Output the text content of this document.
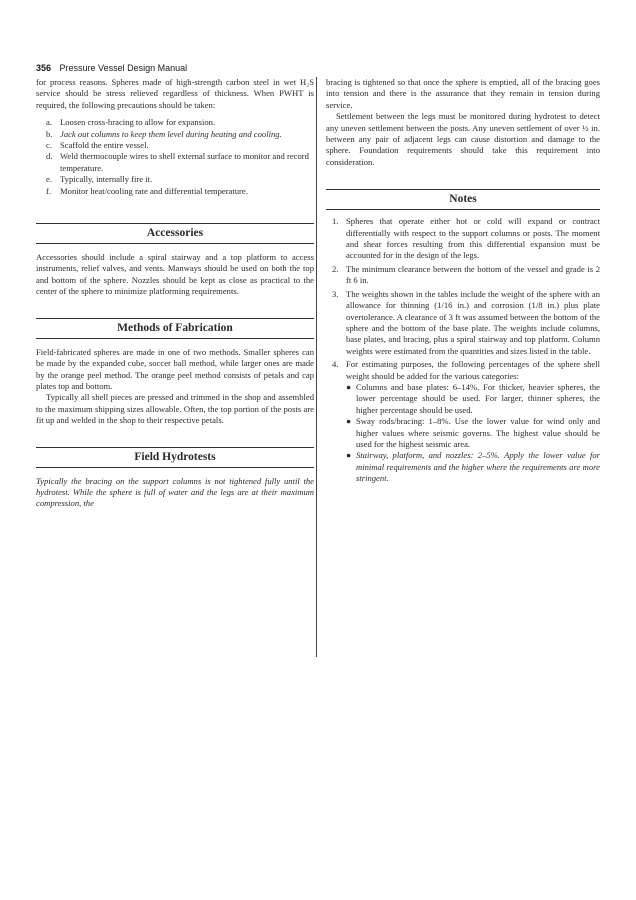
356 Pressure Vessel Design Manual

for process reasons. Spheres made of high-strength carbon steel in wet H₂S service should be stress relieved regardless of thickness. When PWHT is required, the following precautions should be taken:

a. Loosen cross-bracing to allow for expansion.
b. Jack out columns to keep them level during heating and cooling.
c. Scaffold the entire vessel.
d. Weld thermocouple wires to shell external surface to monitor and record temperature.
e. Typically, internally fire it.
f. Monitor heat/cooling rate and differential temperature.
Accessories

Accessories should include a spiral stairway and a top platform to access instruments, relief valves, and vents. Manways should be used on both the top and bottom of the sphere. Nozzles should be kept as close as practical to the center of the sphere to minimize platforming requirements.

Methods of Fabrication

Field-fabricated spheres are made in one of two methods. Smaller spheres can be made by the expanded cube, soccer ball method, while larger ones are made by the orange peel method. The orange peel method consists of petals and cap plates top and bottom.

Typically all shell pieces are pressed and trimmed in the shop and assembled to the maximum shipping sizes allowable. Often, the top portion of the posts are fit up and welded in the shop to their respective petals.

Field Hydrotests

Typically the bracing on the support columns is not tightened fully until the hydrotest. While the sphere is full of water and the legs are at their maximum compression, the

bracing is tightened so that once the sphere is emptied, all of the bracing goes into tension and there is the assurance that they remain in tension during service.

Settlement between the legs must be monitored during hydrotest to detect any uneven settlement between the posts. Any uneven settlement of over ½ in. between any pair of adjacent legs can cause distortion and damage to the sphere. Foundation requirements should take this requirement into consideration.

Notes
1. Spheres that operate either hot or cold will expand or contract differentially with respect to the support columns or posts. The moment and shear forces resulting from this differential expansion must be accounted for in the design of the legs.
2. The minimum clearance between the bottom of the vessel and grade is 2 ft 6 in.
3. The weights shown in the tables include the weight of the sphere with an allowance for thinning (1/16 in.) and corrosion (1/8 in.) plus plate overtolerance. A clearance of 3 ft was assumed between the bottom of the sphere and the bottom of the base plate. The weights include columns, base plates, and bracing, plus a spiral stairway and top platform. Column weights were estimated from the quantities and sizes listed in the table.
4. For estimating purposes, the following percentages of the sphere shell weight should be added for the various categories:
● Columns and base plates: 6–14%. For thicker, heavier spheres, the lower percentage should be used. For larger, thinner spheres, the higher percentage should be used.
● Sway rods/bracing: 1–8%. Use the lower value for wind only and higher values where seismic governs. The highest value should be used for the highest seismic area.
● Stairway, platform, and nozzles: 2–5%. Apply the lower value for minimal requirements and the higher where the requirements are more stringent.
